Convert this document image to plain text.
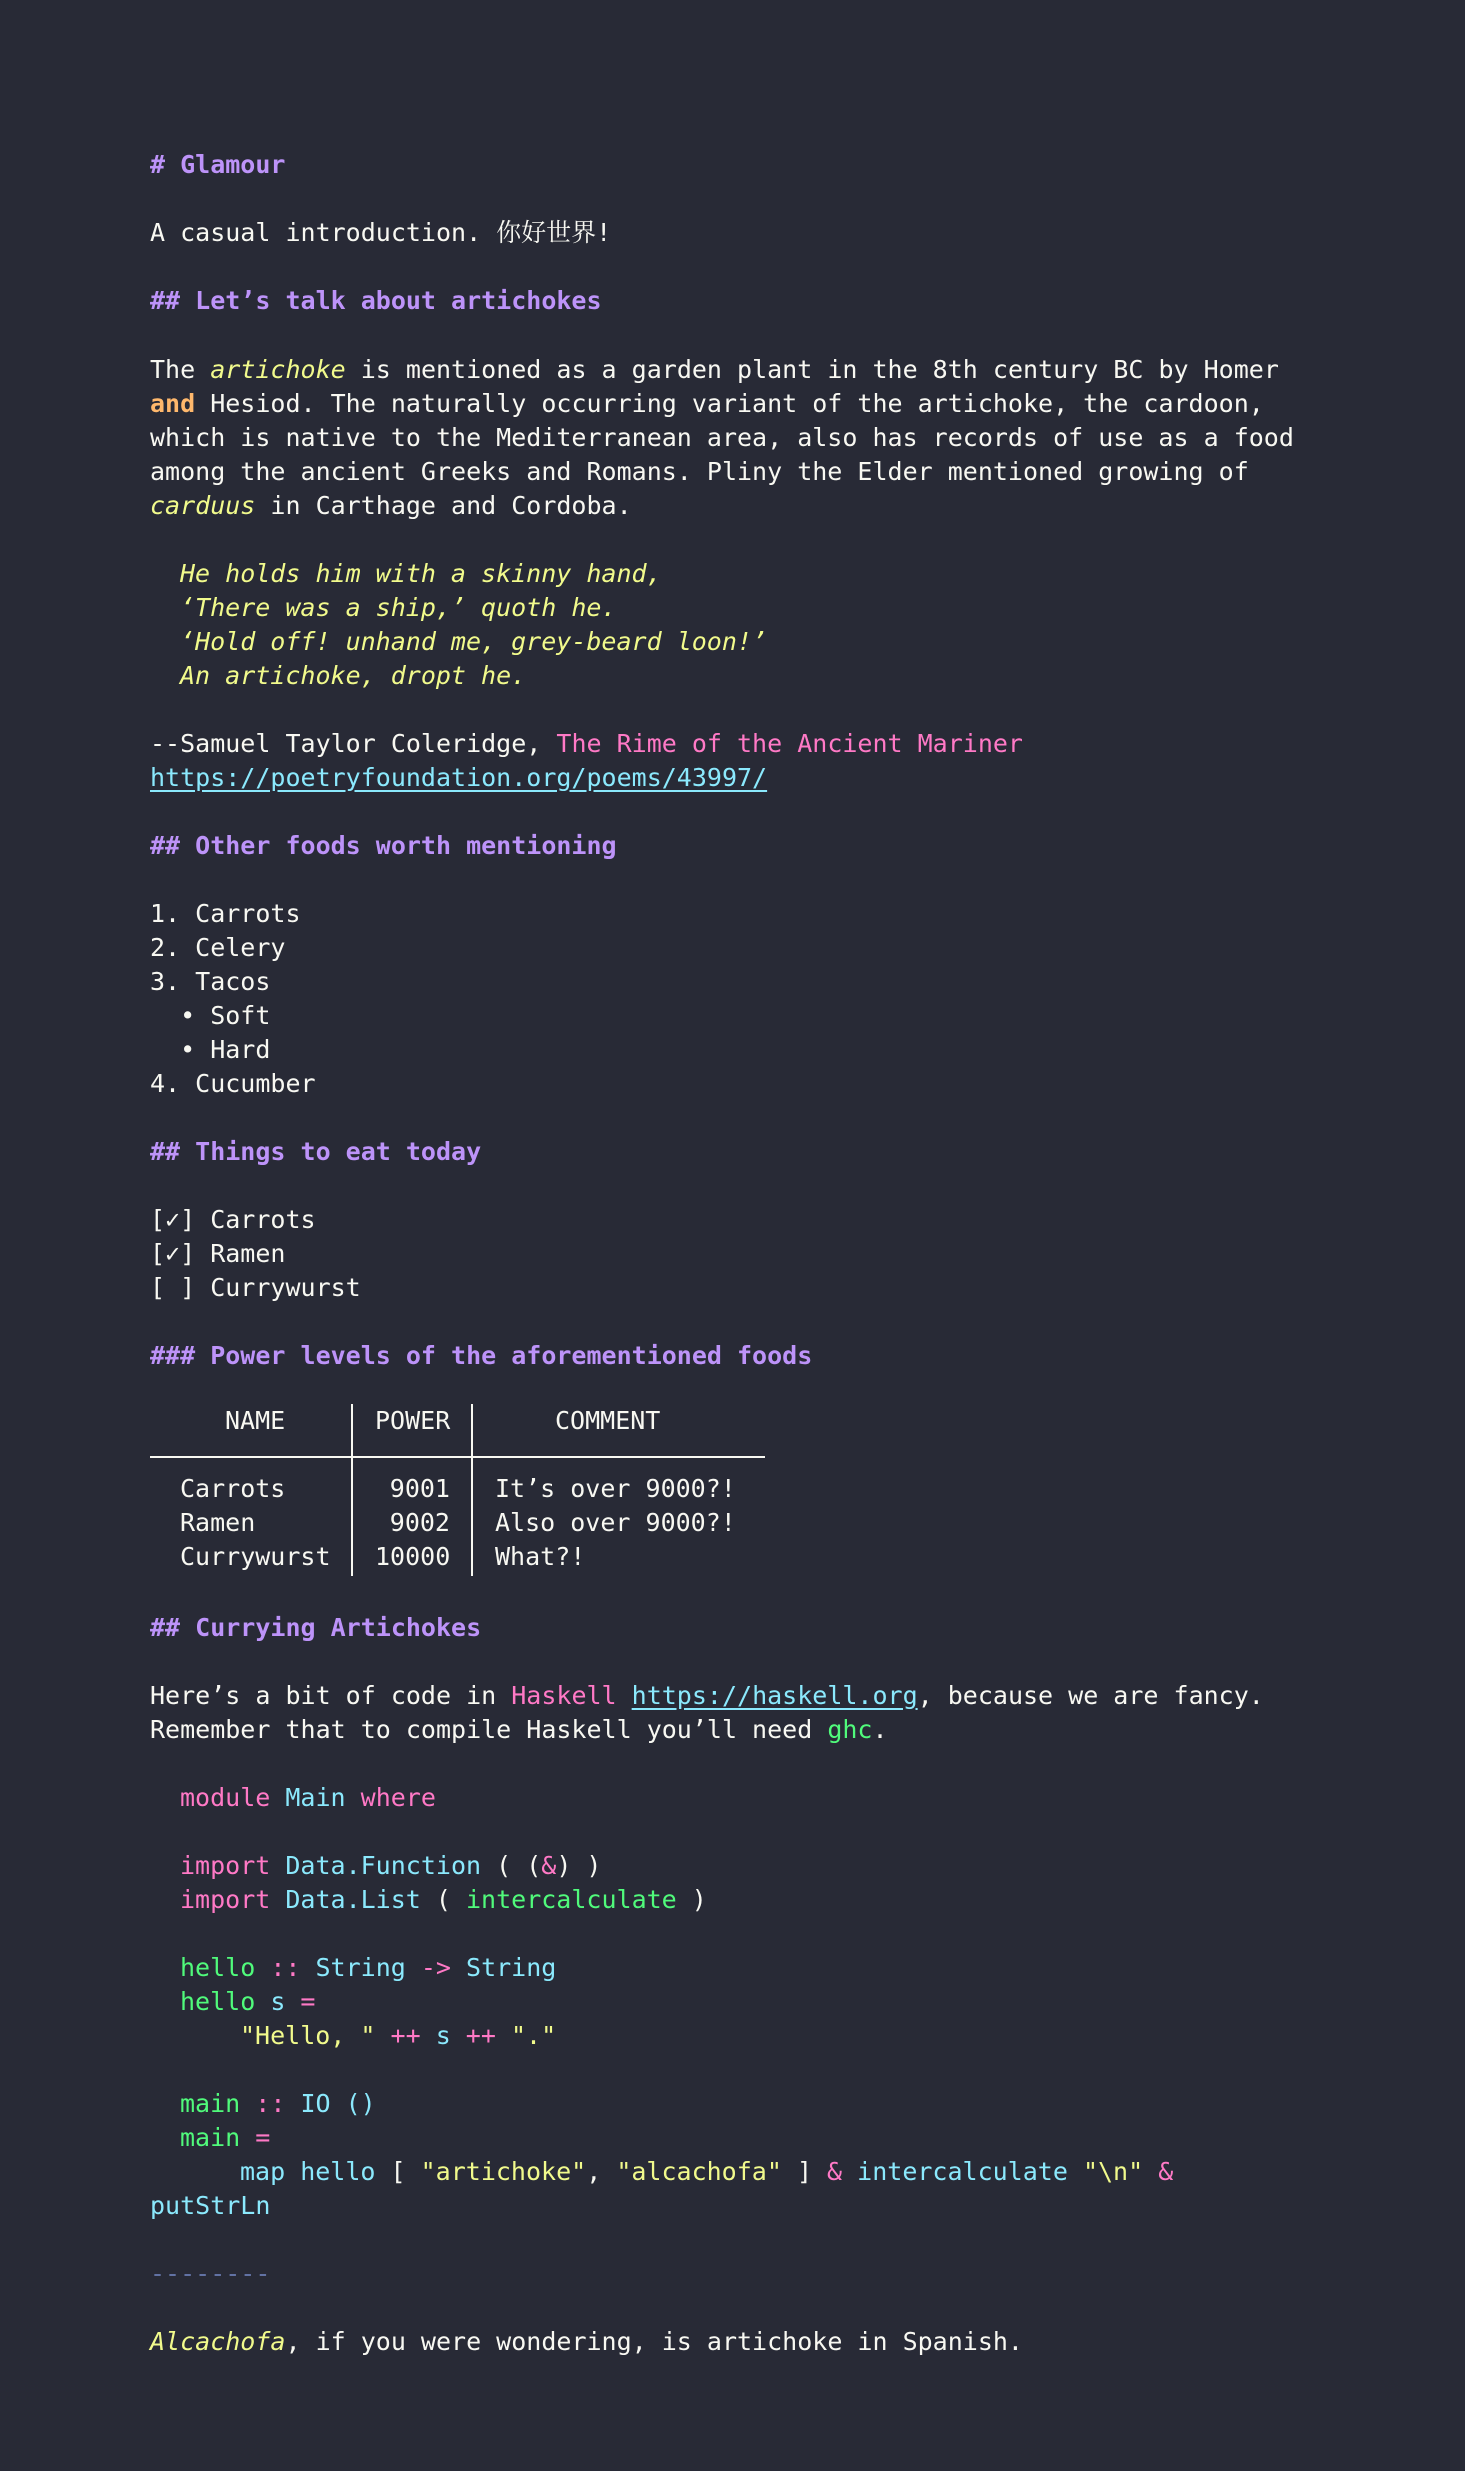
# Glamour
A casual introduction. 你好世界!
## Let’s talk about artichokes
The artichoke is mentioned as a garden plant in the 8th century BC by Homer
and Hesiod. The naturally occurring variant of the artichoke, the cardoon,
which is native to the Mediterranean area, also has records of use as a food
among the ancient Greeks and Romans. Pliny the Elder mentioned growing of
carduus in Carthage and Cordoba.
He holds him with a skinny hand,
‘There was a ship,’ quoth he.
‘Hold off! unhand me, grey-beard loon!’
An artichoke, dropt he.
--Samuel Taylor Coleridge, The Rime of the Ancient Mariner
https://poetryfoundation.org/poems/43997/
## Other foods worth mentioning
1. Carrots
2. Celery
3. Tacos
• Soft
• Hard
4. Cucumber
## Things to eat today
[✓] Carrots
[✓] Ramen
[ ] Currywurst
### Power levels of the aforementioned foods
NAME	POWER	COMMENT
Carrots	9001 It’s over 9000?!
Ramen	9002 Also over 9000?!
Currywurst 10000 What?!
## Currying Artichokes
Here’s a bit of code in Haskell https://haskell.org, because we are fancy.
Remember that to compile Haskell you’ll need ghc.
module Main where
import Data.Function ( (&) )
import Data.List ( intercalculate )
hello :: String -> String
hello s =
"Hello, " ++ s ++ "."
main :: IO ()
main =
map hello [ "artichoke", "alcachofa" ] & intercalculate "\n" &
putStrLn
--------
Alcachofa, if you were wondering, is artichoke in Spanish.
